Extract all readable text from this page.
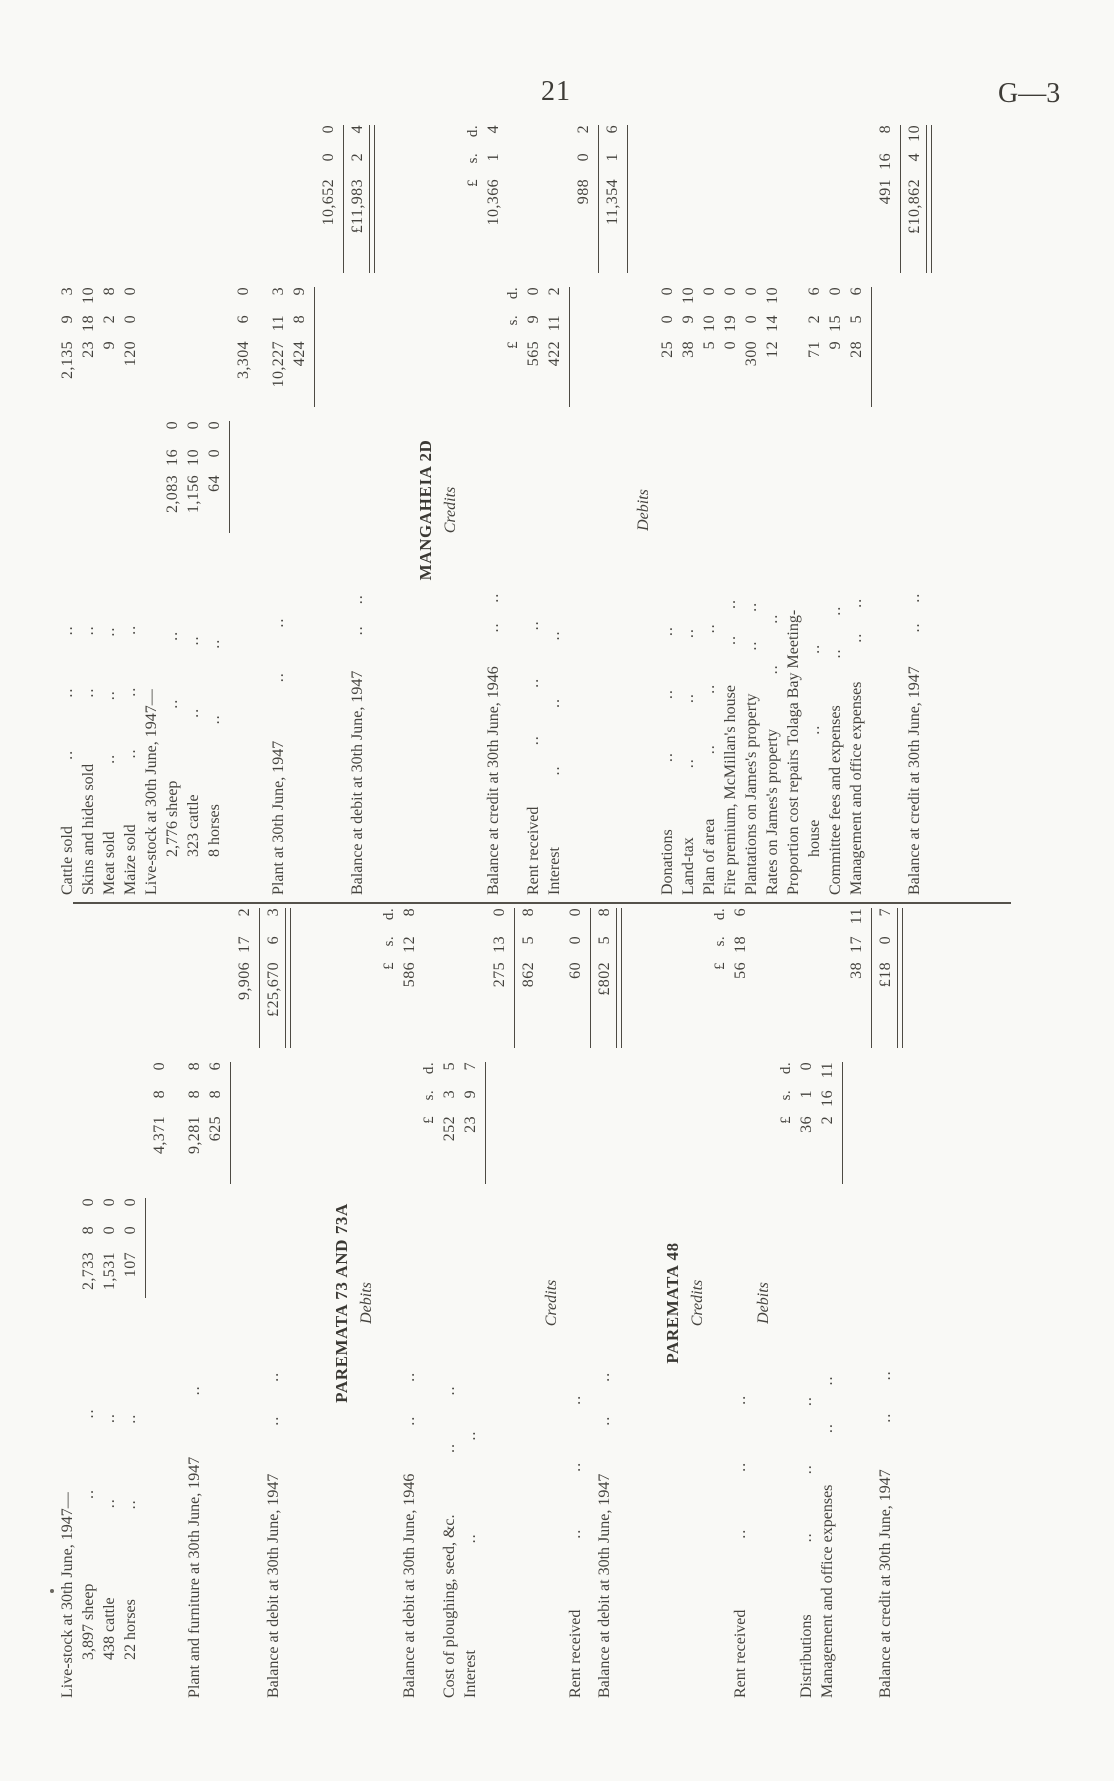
21	G—3
Live-stock at 30th June, 1947— 3,897 sheep
..
..
2,733
8
0
438 cattle
..
..
1,531
0
0
22 horses
..
..
107
0
0
4,371
8
0
Plant and furniture at 30th June, 1947
..
9,281
8
8
625
8
6
9,906
17
2
Balance at debit at 30th June, 1947
..
..
£25,670
6
3
PAREMATA 73 AND 73A Debits
£
s.
d.
Balance at debit at 30th June, 1946
..
..
586
12
8
£
s.
d.
Cost of ploughing, seed, &c.
..
..
252
3
5
Interest
..
..
23
9
7
275
13
0
862
5
8
Credits
Rent received
..
..
..
60
0
0
Balance at debit at 30th June, 1947
..
..
£802
5
8
PAREMATA 48 Credits
£
s.
d.
Rent received
..
..
..
56
18
6
Debits
£
s.
d.
Distributions
..
..
..
36
1
0
Management and office expenses
..
..
2
16
11
38
17
11
Balance at credit at 30th June, 1947
..
..
£18
0
7
Cattle sold
..
..
..
2,135
9
3
Skins and hides sold
..
..
23
18
10
Meat sold
..
..
..
9
2
8
Maize sold
..
..
..
120
0
0
Live-stock at 30th June, 1947— 2,776 sheep
..
..
2,083
16
0
323 cattle
..
..
1,156
10
0
8 horses
..
..
64
0
0
3,304
6
0
Plant at 30th June, 1947
..
..
10,227
11
3
424
8
9
10,652
0
0
Balance at debit at 30th June, 1947
..
..
£11,983
2
4
MANGAHEIA 2D Credits
£
s.
d.
Balance at credit at 30th June, 1946
..
..
10,366
1
4
£
s.
d.
Rent received
..
..
..
565
9
0
Interest
..
..
..
422
11
2
988
0
2
11,354
1
6
Debits
Donations
..
..
..
25
0
0
Land-tax
..
..
..
38
9
10
Plan of area
..
..
..
5
10
0
Fire premium, McMillan's house
..
..
0
19
0
Plantations on James's property
..
..
300
0
0
Rates on James's property
..
..
12
14
10
Proportion cost repairs Tolaga Bay Meeting- house
..
..
71
2
6
Committee fees and expenses
..
..
9
15
0
Management and office expenses
..
..
28
5
6
491
16
8
Balance at credit at 30th June, 1947
..
..
£10,862
4
10
